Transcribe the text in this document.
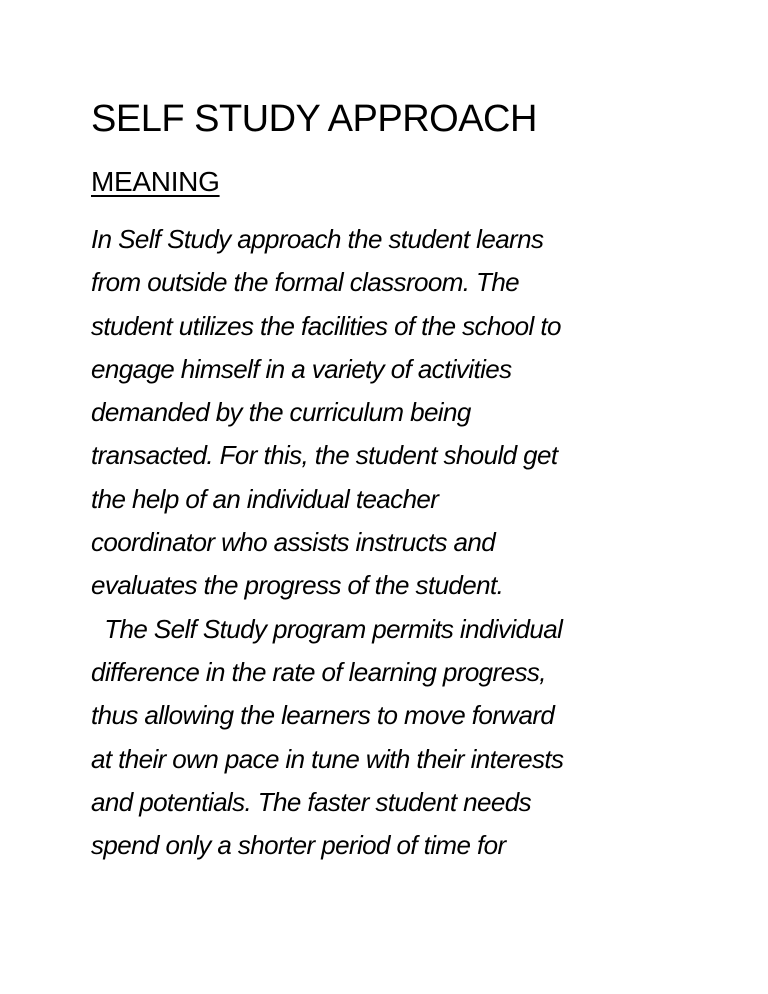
SELF STUDY APPROACH
MEANING
In Self Study approach the student learns
from outside the formal classroom. The
student utilizes the facilities of the school to
engage himself in a variety of activities
demanded by the curriculum being
transacted. For this, the student should get
the help of an individual teacher
coordinator who assists instructs and
evaluates the progress of the student.
The Self Study program permits individual
difference in the rate of learning progress,
thus allowing the learners to move forward
at their own pace in tune with their interests
and potentials. The faster student needs
spend only a shorter period of time for
